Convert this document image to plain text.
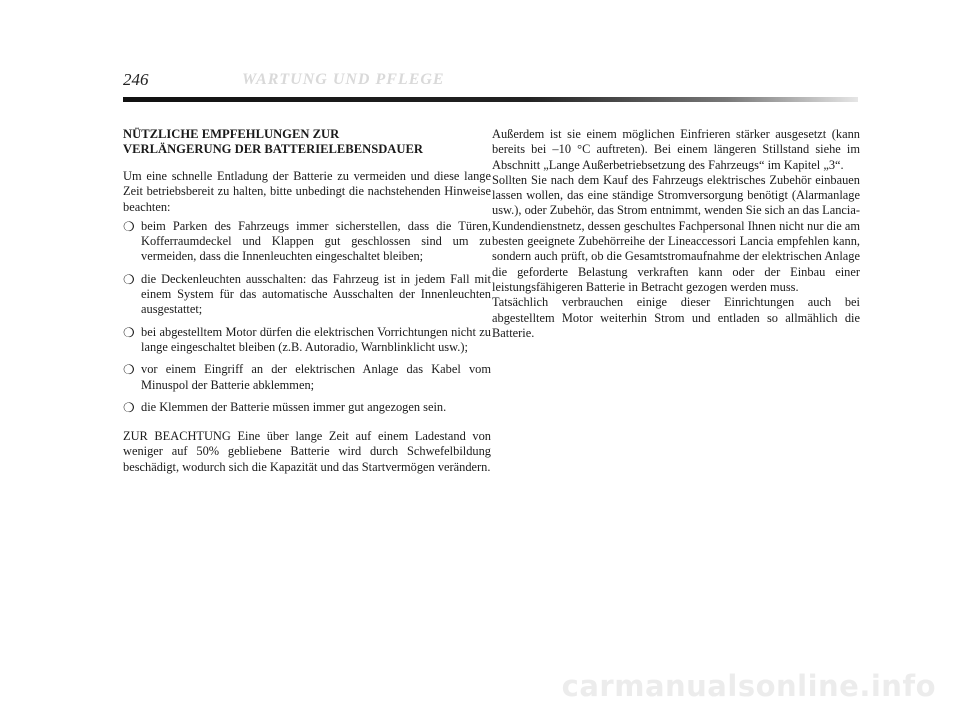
246	WARTUNG UND PFLEGE
NÜTZLICHE EMPFEHLUNGEN ZUR
VERLÄNGERUNG DER BATTERIELEBENSDAUER

Um eine schnelle Entladung der Batterie zu vermeiden und diese lange Zeit betriebsbereit zu halten, bitte unbedingt die nachstehenden Hinweise beachten:

❍ beim Parken des Fahrzeugs immer sicherstellen, dass die Türen, Kofferraumdeckel und Klappen gut geschlossen sind um zu vermeiden, dass die Innenleuchten eingeschaltet bleiben;
❍ die Deckenleuchten ausschalten: das Fahrzeug ist in jedem Fall mit einem System für das automatische Ausschalten der Innenleuchten ausgestattet;
❍ bei abgestelltem Motor dürfen die elektrischen Vorrichtungen nicht zu lange eingeschaltet bleiben (z.B. Autoradio, Warnblinklicht usw.);
❍ vor einem Eingriff an der elektrischen Anlage das Kabel vom Minuspol der Batterie abklemmen;
❍ die Klemmen der Batterie müssen immer gut angezogen sein.

ZUR BEACHTUNG Eine über lange Zeit auf einem Ladestand von weniger auf 50% gebliebene Batterie wird durch Schwefelbildung beschädigt, wodurch sich die Kapazität und das Startvermögen verändern.

Außerdem ist sie einem möglichen Einfrieren stärker ausgesetzt (kann bereits bei –10 °C auftreten). Bei einem längeren Stillstand siehe im Abschnitt „Lange Außerbetriebsetzung des Fahrzeugs“ im Kapitel „3“.

Sollten Sie nach dem Kauf des Fahrzeugs elektrisches Zubehör einbauen lassen wollen, das eine ständige Stromversorgung benötigt (Alarmanlage usw.), oder Zubehör, das Strom entnimmt, wenden Sie sich an das Lancia-Kundendienstnetz, dessen geschultes Fachpersonal Ihnen nicht nur die am besten geeignete Zubehörreihe der Lineaccessori Lancia empfehlen kann, sondern auch prüft, ob die Gesamtstromaufnahme der elektrischen Anlage die geforderte Belastung verkraften kann oder der Einbau einer leistungsfähigeren Batterie in Betracht gezogen werden muss.

Tatsächlich verbrauchen einige dieser Einrichtungen auch bei abgestelltem Motor weiterhin Strom und entladen so allmählich die Batterie.

carmanualsonline.info
